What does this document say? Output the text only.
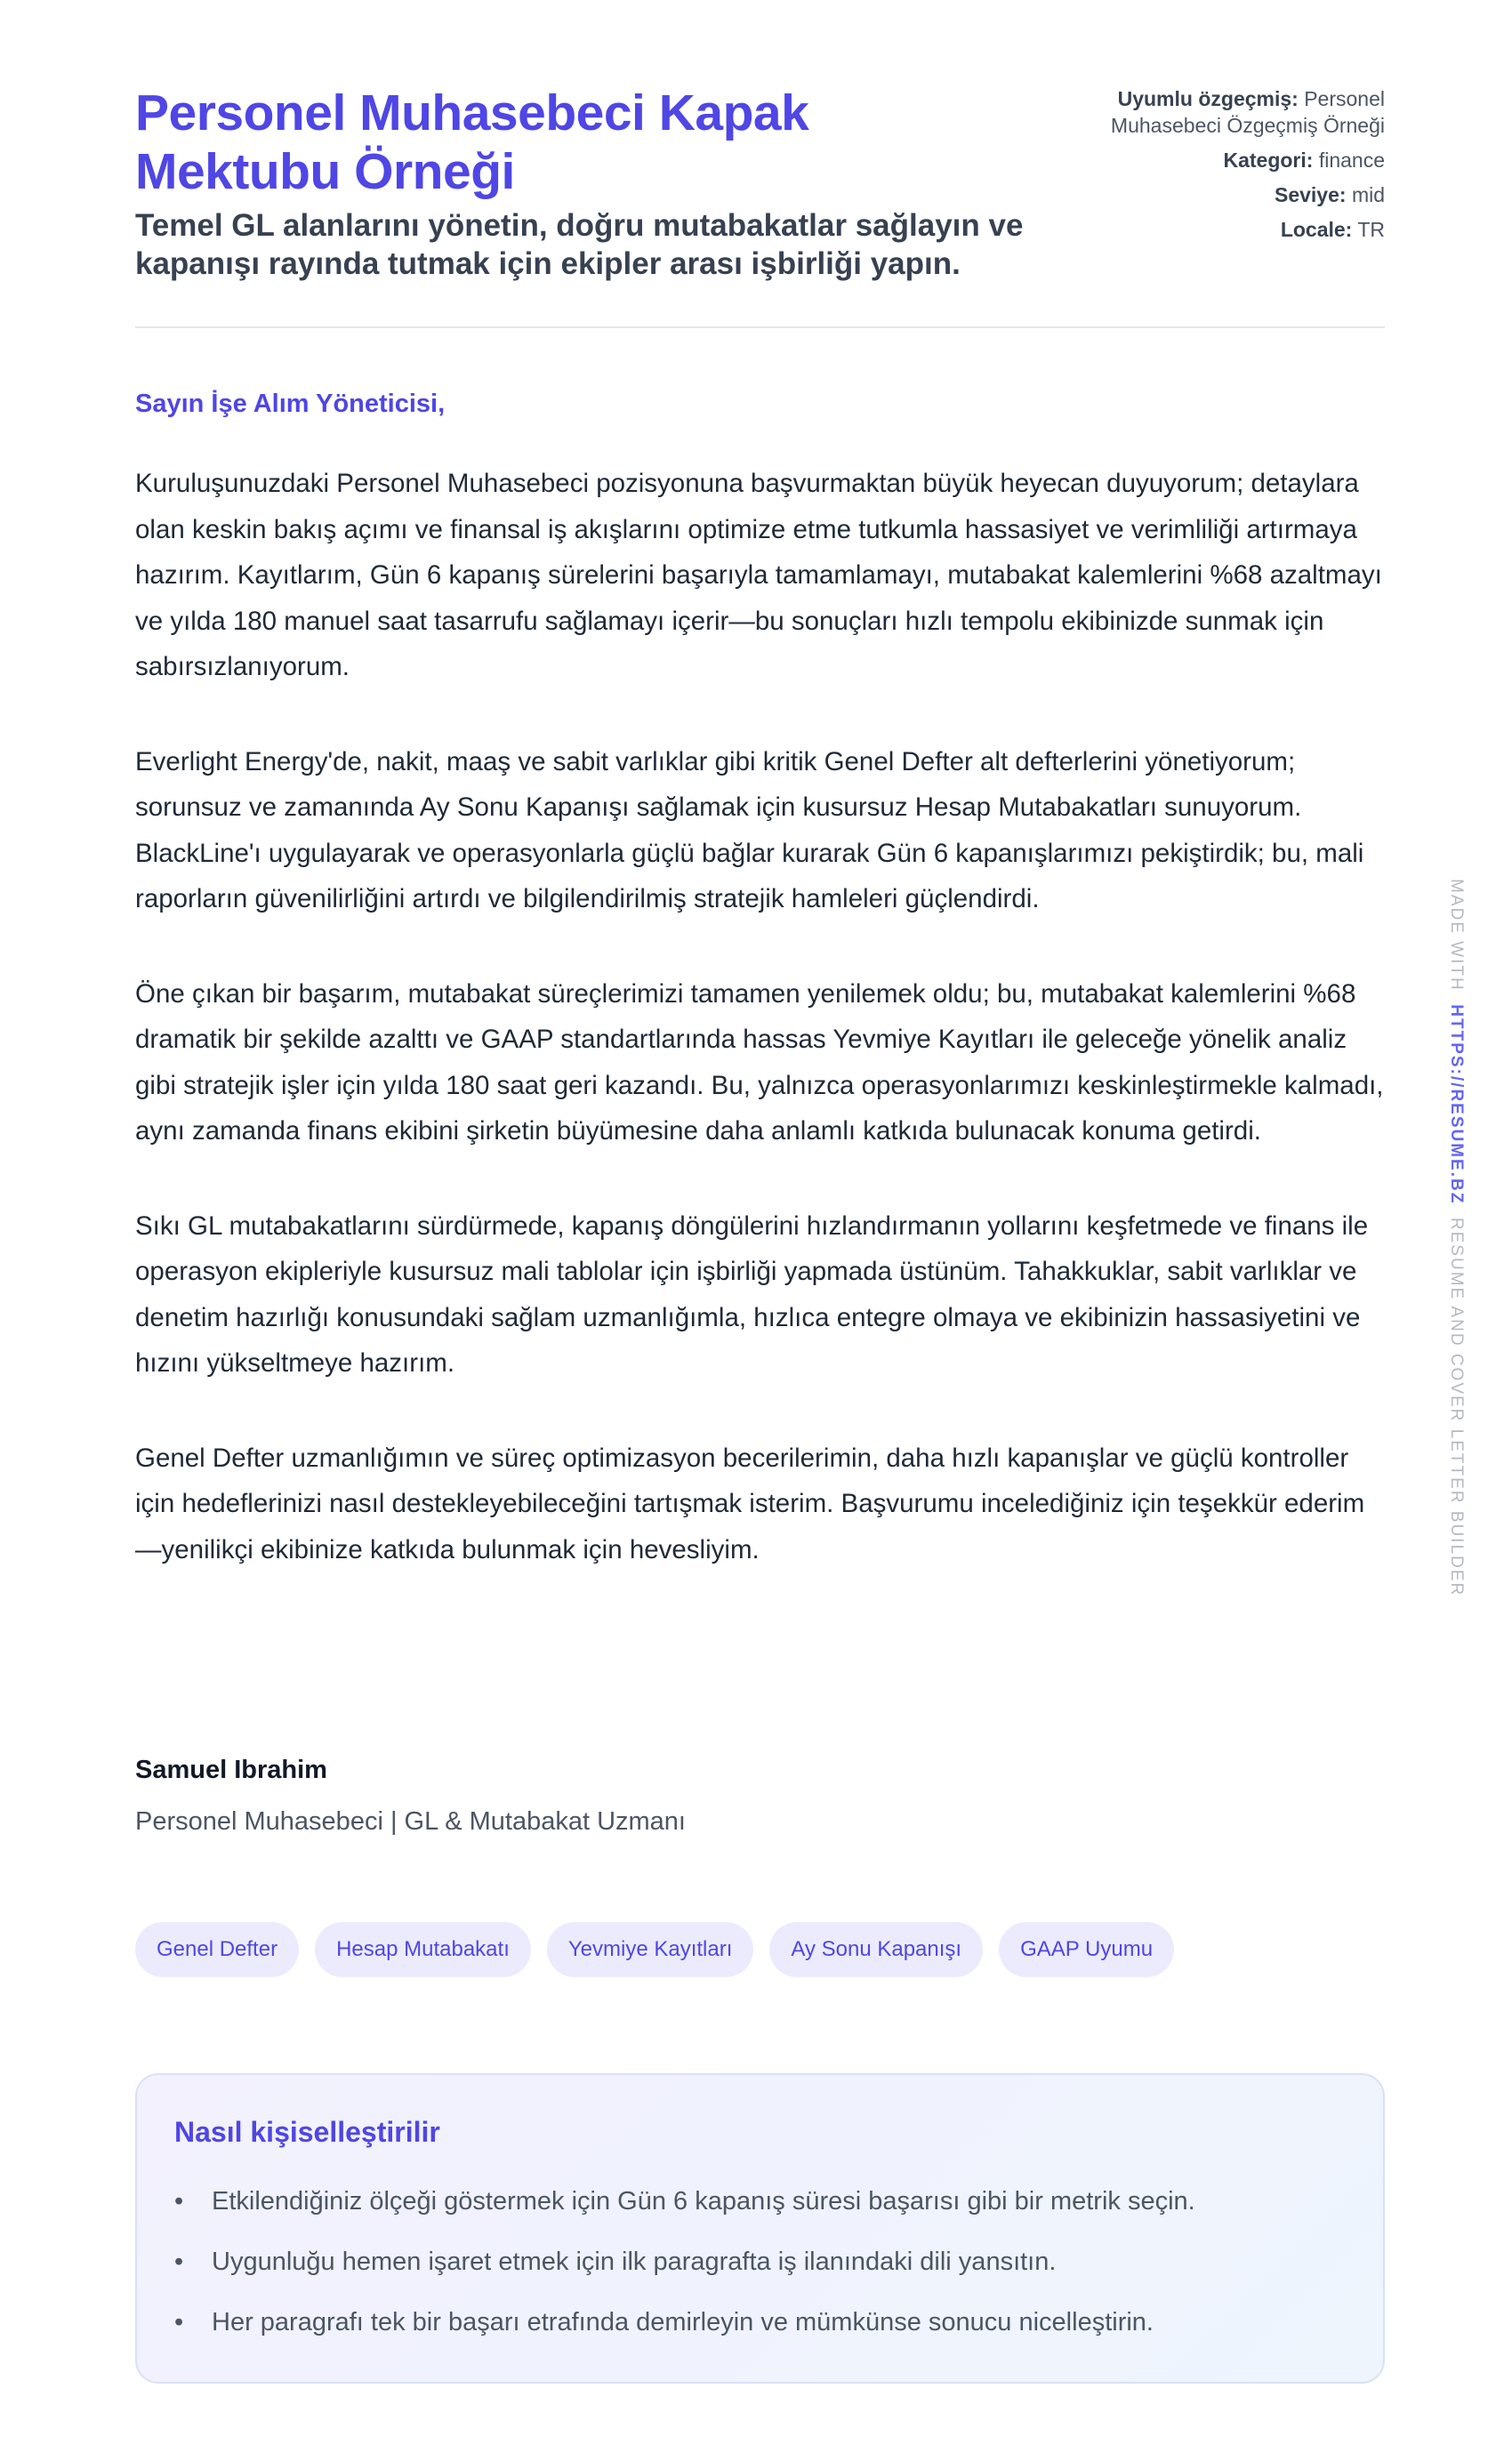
Personel Muhasebeci Kapak Mektubu Örneği
Temel GL alanlarını yönetin, doğru mutabakatlar sağlayın ve kapanışı rayında tutmak için ekipler arası işbirliği yapın.
Uyumlu özgeçmiş: Personel Muhasebeci Özgeçmiş Örneği
Kategori: finance
Seviye: mid
Locale: TR

Sayın İşe Alım Yöneticisi,

Kuruluşunuzdaki Personel Muhasebeci pozisyonuna başvurmaktan büyük heyecan duyuyorum; detaylara olan keskin bakış açımı ve finansal iş akışlarını optimize etme tutkumla hassasiyet ve verimliliği artırmaya hazırım. Kayıtlarım, Gün 6 kapanış sürelerini başarıyla tamamlamayı, mutabakat kalemlerini %68 azaltmayı ve yılda 180 manuel saat tasarrufu sağlamayı içerir—bu sonuçları hızlı tempolu ekibinizde sunmak için sabırsızlanıyorum.

Everlight Energy'de, nakit, maaş ve sabit varlıklar gibi kritik Genel Defter alt defterlerini yönetiyorum; sorunsuz ve zamanında Ay Sonu Kapanışı sağlamak için kusursuz Hesap Mutabakatları sunuyorum. BlackLine'ı uygulayarak ve operasyonlarla güçlü bağlar kurarak Gün 6 kapanışlarımızı pekiştirdik; bu, mali raporların güvenilirliğini artırdı ve bilgilendirilmiş stratejik hamleleri güçlendirdi.

Öne çıkan bir başarım, mutabakat süreçlerimizi tamamen yenilemek oldu; bu, mutabakat kalemlerini %68 dramatik bir şekilde azalttı ve GAAP standartlarında hassas Yevmiye Kayıtları ile geleceğe yönelik analiz gibi stratejik işler için yılda 180 saat geri kazandı. Bu, yalnızca operasyonlarımızı keskinleştirmekle kalmadı, aynı zamanda finans ekibini şirketin büyümesine daha anlamlı katkıda bulunacak konuma getirdi.

Sıkı GL mutabakatlarını sürdürmede, kapanış döngülerini hızlandırmanın yollarını keşfetmede ve finans ile operasyon ekipleriyle kusursuz mali tablolar için işbirliği yapmada üstünüm. Tahakkuklar, sabit varlıklar ve denetim hazırlığı konusundaki sağlam uzmanlığımla, hızlıca entegre olmaya ve ekibinizin hassasiyetini ve hızını yükseltmeye hazırım.

Genel Defter uzmanlığımın ve süreç optimizasyon becerilerimin, daha hızlı kapanışlar ve güçlü kontroller için hedeflerinizi nasıl destekleyebileceğini tartışmak isterim. Başvurumu incelediğiniz için teşekkür ederim—yenilikçi ekibinize katkıda bulunmak için hevesliyim.

Samuel Ibrahim
Personel Muhasebeci | GL & Mutabakat Uzmanı
Genel Defter	Hesap Mutabakatı	Yevmiye Kayıtları	Ay Sonu Kapanışı	GAAP Uyumu
Nasıl kişiselleştirilir
• Etkilendiğiniz ölçeği göstermek için Gün 6 kapanış süresi başarısı gibi bir metrik seçin.
• Uygunluğu hemen işaret etmek için ilk paragrafta iş ilanındaki dili yansıtın.
• Her paragrafı tek bir başarı etrafında demirleyin ve mümkünse sonucu nicelleştirin.
MADE WITH  HTTPS://RESUME.BZ  RESUME AND COVER LETTER BUILDER
